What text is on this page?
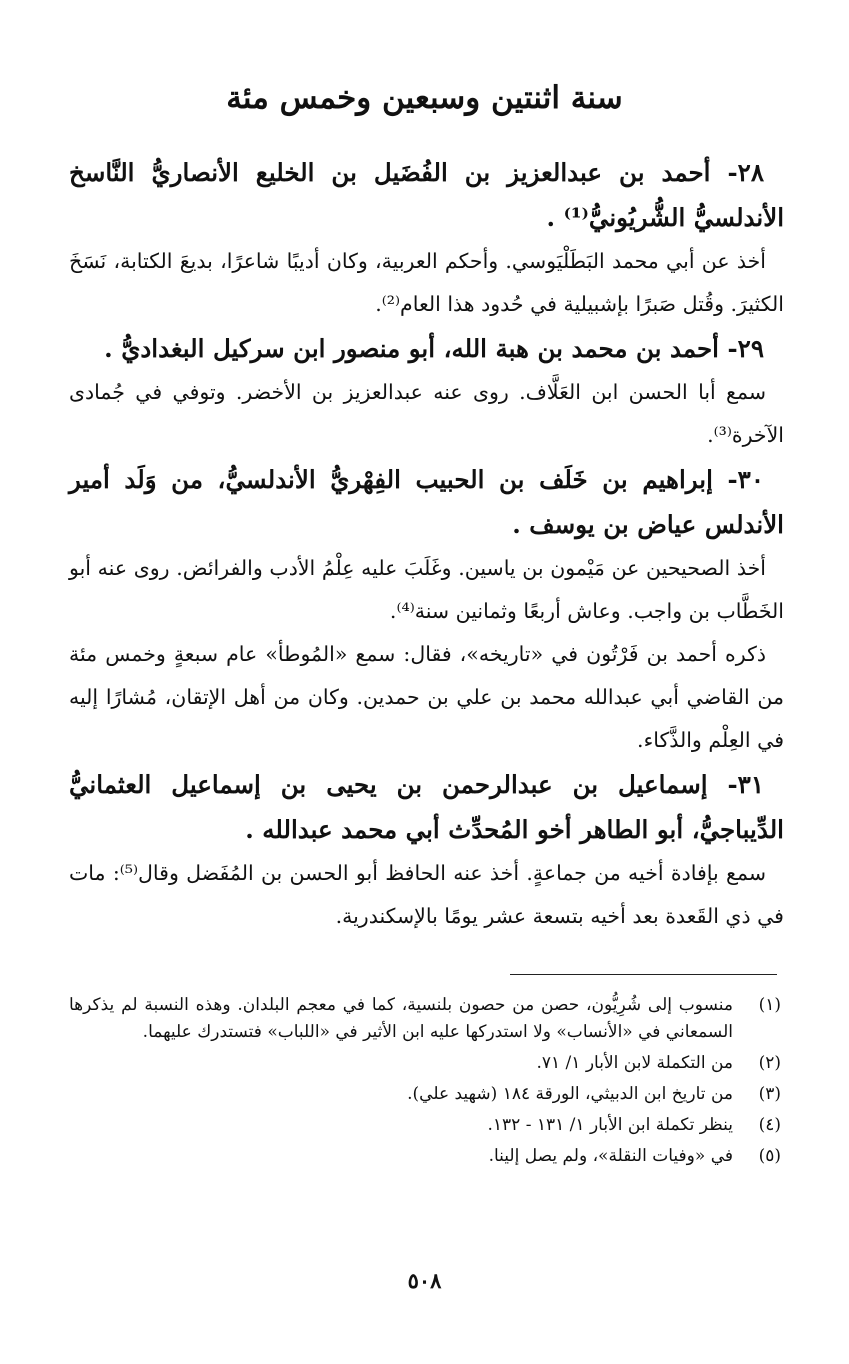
سنة اثنتين وسبعين وخمس مئة

٢٨- أحمد بن عبدالعزيز بن الفُضَيل بن الخليع الأنصاريُّ النَّاسخ الأندلسيُّ الشُّريُونيُّ⁽¹⁾ .

أخذ عن أبي محمد البَطَلْيَوسي. وأحكم العربية، وكان أديبًا شاعرًا، بديعَ الكتابة، نَسَخَ الكثيرَ. وقُتل صَبرًا بإشبيلية في حُدود هذا العام⁽²⁾.

٢٩- أحمد بن محمد بن هبة الله، أبو منصور ابن سركيل البغداديُّ .

سمع أبا الحسن ابن العَلَّاف. روى عنه عبدالعزيز بن الأخضر. وتوفي في جُمادى الآخرة⁽³⁾.

٣٠- إبراهيم بن خَلَف بن الحبيب الفِهْريُّ الأندلسيُّ، من وَلَد أمير الأندلس عياض بن يوسف .

أخذ الصحيحين عن مَيْمون بن ياسين. وغَلَبَ عليه عِلْمُ الأدب والفرائض. روى عنه أبو الخَطَّاب بن واجب. وعاش أربعًا وثمانين سنة⁽⁴⁾.

ذكره أحمد بن فَرْتُون في «تاريخه»، فقال: سمع «المُوطأ» عام سبعةٍ وخمس مئة من القاضي أبي عبدالله محمد بن علي بن حمدين. وكان من أهل الإتقان، مُشارًا إليه في العِلْم والذَّكاء.

٣١- إسماعيل بن عبدالرحمن بن يحيى بن إسماعيل العثمانيُّ الدِّيباجيُّ، أبو الطاهر أخو المُحدِّث أبي محمد عبدالله .

سمع بإفادة أخيه من جماعةٍ. أخذ عنه الحافظ أبو الحسن بن المُفَضل وقال⁽⁵⁾: مات في ذي القَعدة بعد أخيه بتسعة عشر يومًا بالإسكندرية.

(١)
منسوب إلى شُرِيُّون، حصن من حصون بلنسية، كما في معجم البلدان. وهذه النسبة لم يذكرها السمعاني في «الأنساب» ولا استدركها عليه ابن الأثير في «اللباب» فتستدرك عليهما.
(٢)
من التكملة لابن الأبار ١/ ٧١.
(٣)
من تاريخ ابن الدبيثي، الورقة ١٨٤ (شهيد علي).
(٤)
ينظر تكملة ابن الأبار ١/ ١٣١ - ١٣٢.
(٥)
في «وفيات النقلة»، ولم يصل إلينا.
٥٠٨
